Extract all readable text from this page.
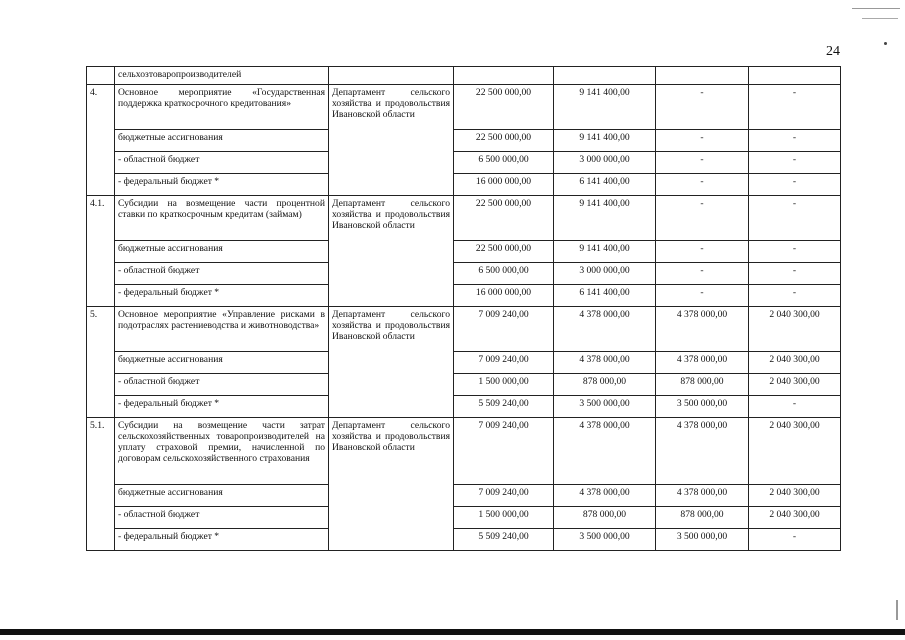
24
	сельхозтоваропроизводителей					
4.	Основное мероприятие «Государственная поддержка краткосрочного кредитования»	Департамент сельского хозяйства и продовольствия Ивановской области	22 500 000,00	9 141 400,00	-	-
	бюджетные ассигнования		22 500 000,00	9 141 400,00	-	-
	- областной бюджет		6 500 000,00	3 000 000,00	-	-
	- федеральный бюджет *		16 000 000,00	6 141 400,00	-	-
4.1.	Субсидии на возмещение части процентной ставки по краткосрочным кредитам (займам)	Департамент сельского хозяйства и продовольствия Ивановской области	22 500 000,00	9 141 400,00	-	-
	бюджетные ассигнования		22 500 000,00	9 141 400,00	-	-
	- областной бюджет		6 500 000,00	3 000 000,00	-	-
	- федеральный бюджет *		16 000 000,00	6 141 400,00	-	-
5.	Основное мероприятие «Управление рисками в подотраслях растениеводства и животноводства»	Департамент сельского хозяйства и продовольствия Ивановской области	7 009 240,00	4 378 000,00	4 378 000,00	2 040 300,00
	бюджетные ассигнования		7 009 240,00	4 378 000,00	4 378 000,00	2 040 300,00
	- областной бюджет		1 500 000,00	878 000,00	878 000,00	2 040 300,00
	- федеральный бюджет *		5 509 240,00	3 500 000,00	3 500 000,00	-
5.1.	Субсидии на возмещение части затрат сельскохозяйственных товаропроизводителей на уплату страховой премии, начисленной по договорам сельскохозяйственного страхования	Департамент сельского хозяйства и продовольствия Ивановской области	7 009 240,00	4 378 000,00	4 378 000,00	2 040 300,00
	бюджетные ассигнования		7 009 240,00	4 378 000,00	4 378 000,00	2 040 300,00
	- областной бюджет		1 500 000,00	878 000,00	878 000,00	2 040 300,00
	- федеральный бюджет *		5 509 240,00	3 500 000,00	3 500 000,00	-
